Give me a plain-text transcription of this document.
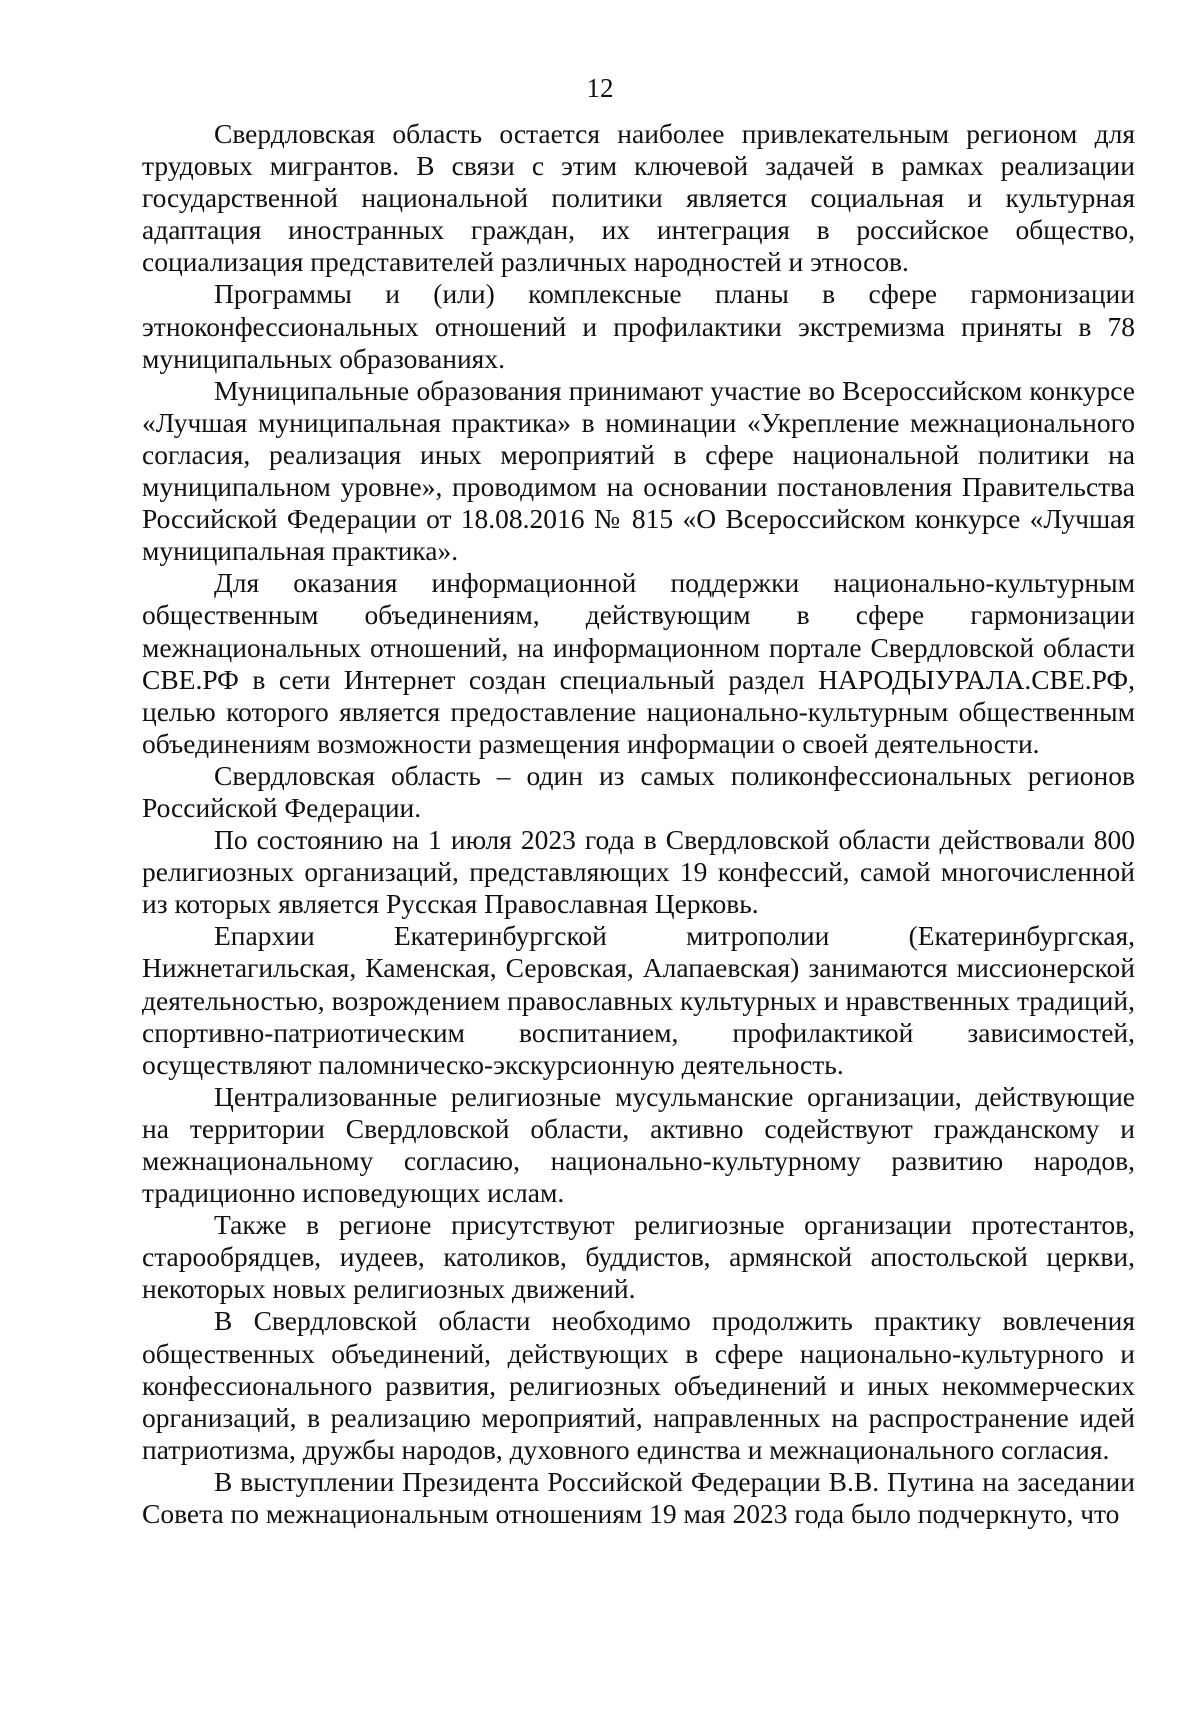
12

Свердловская область остается наиболее привлекательным регионом для трудовых мигрантов. В связи с этим ключевой задачей в рамках реализации государственной национальной политики является социальная и культурная адаптация иностранных граждан, их интеграция в российское общество, социализация представителей различных народностей и этносов.

Программы и (или) комплексные планы в сфере гармонизации этноконфессиональных отношений и профилактики экстремизма приняты в 78 муниципальных образованиях.

Муниципальные образования принимают участие во Всероссийском конкурсе «Лучшая муниципальная практика» в номинации «Укрепление межнационального согласия, реализация иных мероприятий в сфере национальной политики на муниципальном уровне», проводимом на основании постановления Правительства Российской Федерации от 18.08.2016 № 815 «О Всероссийском конкурсе «Лучшая муниципальная практика».

Для оказания информационной поддержки национально-культурным общественным объединениям, действующим в сфере гармонизации межнациональных отношений, на информационном портале Свердловской области СВЕ.РФ в сети Интернет создан специальный раздел НАРОДЫУРАЛА.СВЕ.РФ, целью которого является предоставление национально-культурным общественным объединениям возможности размещения информации о своей деятельности.

Свердловская область – один из самых поликонфессиональных регионов Российской Федерации.

По состоянию на 1 июля 2023 года в Свердловской области действовали 800 религиозных организаций, представляющих 19 конфессий, самой многочисленной из которых является Русская Православная Церковь.

Епархии Екатеринбургской митрополии (Екатеринбургская, Нижнетагильская, Каменская, Серовская, Алапаевская) занимаются миссионерской деятельностью, возрождением православных культурных и нравственных традиций, спортивно-патриотическим воспитанием, профилактикой зависимостей, осуществляют паломническо-экскурсионную деятельность.

Централизованные религиозные мусульманские организации, действующие на территории Свердловской области, активно содействуют гражданскому и межнациональному согласию, национально-культурному развитию народов, традиционно исповедующих ислам.

Также в регионе присутствуют религиозные организации протестантов, старообрядцев, иудеев, католиков, буддистов, армянской апостольской церкви, некоторых новых религиозных движений.

В Свердловской области необходимо продолжить практику вовлечения общественных объединений, действующих в сфере национально-культурного и конфессионального развития, религиозных объединений и иных некоммерческих организаций, в реализацию мероприятий, направленных на распространение идей патриотизма, дружбы народов, духовного единства и межнационального согласия.

В выступлении Президента Российской Федерации В.В. Путина на заседании Совета по межнациональным отношениям 19 мая 2023 года было подчеркнуто, что
